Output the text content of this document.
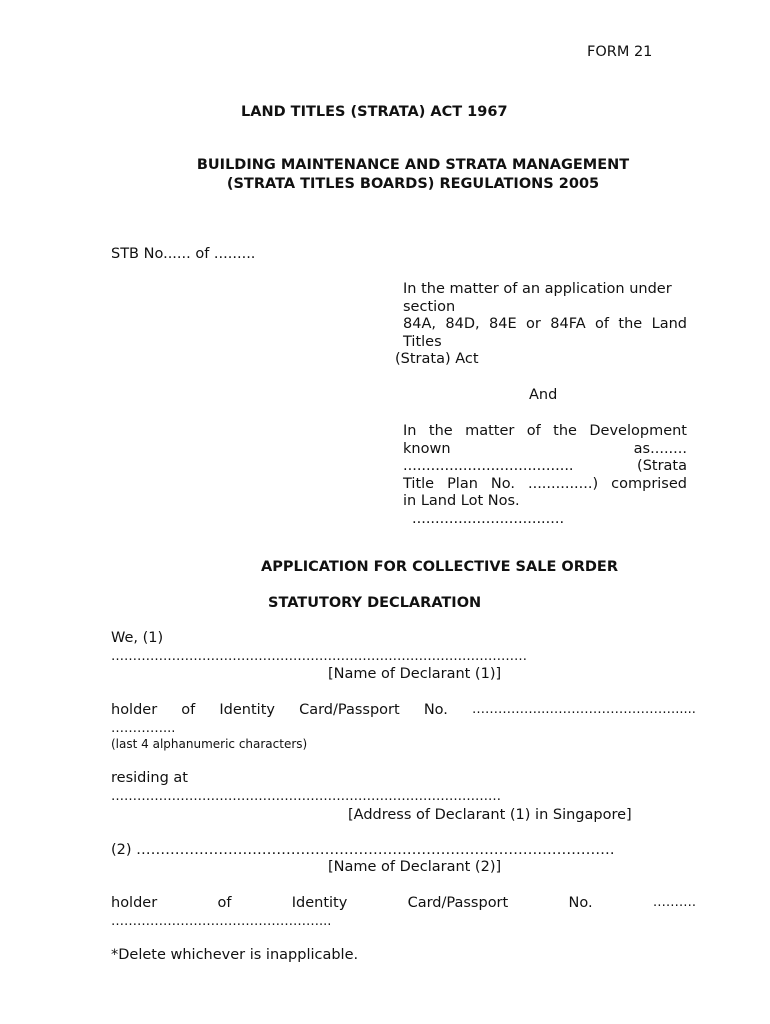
FORM 21
LAND TITLES (STRATA) ACT 1967
BUILDING MAINTENANCE AND STRATA MANAGEMENT
(STRATA TITLES BOARDS) REGULATIONS 2005
STB No...... of .........
In the matter of an application under
section
84A, 84D, 84E or 84FA of the Land
Titles
(Strata) Act
And
In the matter of the Development
known	as........
.....................................	(Strata
Title Plan No. ..............) comprised
in Land Lot Nos.
.................................
APPLICATION FOR COLLECTIVE SALE ORDER
STATUTORY DECLARATION
We, (1)
……………………………………………………………………………………
[Name of Declarant (1)]
holder of Identity Card/Passport No. ……………..………………………….....
…………...
(last 4 alphanumeric characters)
residing at
………………………………………………………………………………
[Address of Declarant (1) in Singapore]
(2) ………………………………………………………………………………………
[Name of Declarant (2)]
holder	of	Identity	Card/Passport	No.	……….
…………………………………………...
*Delete whichever is inapplicable.
